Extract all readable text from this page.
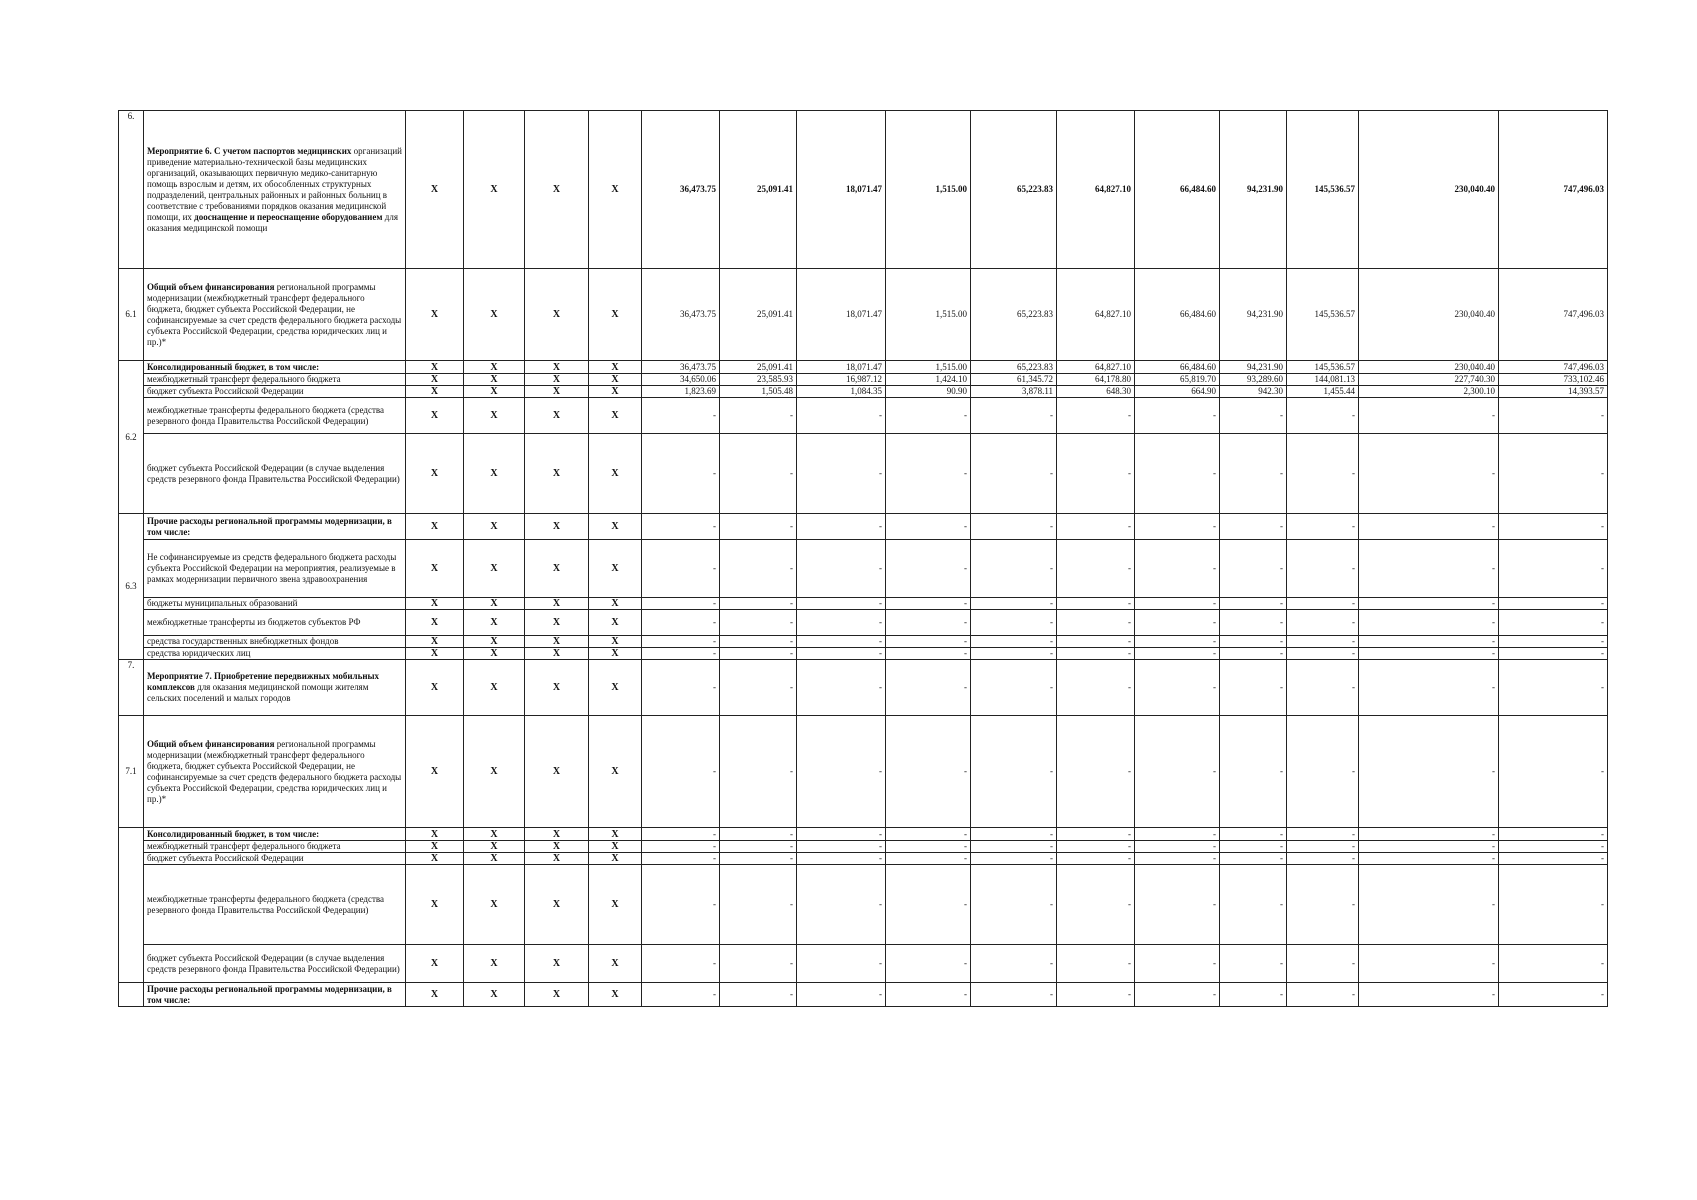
6.	Мероприятие 6. С учетом паспортов медицинских организаций приведение материально-технической базы медицинских организаций, оказывающих первичную медико-санитарную помощь взрослым и детям, их обособленных структурных подразделений, центральных районных и районных больниц в соответствие с требованиями порядков оказания медицинской помощи, их дооснащение и переоснащение оборудованием для оказания медицинской помощи	X	X	X	X	36,473.75	25,091.41	18,071.47	1,515.00	65,223.83	64,827.10	66,484.60	94,231.90	145,536.57	230,040.40	747,496.03
6.1	Общий объем финансирования региональной программы модернизации (межбюджетный трансферт федерального бюджета, бюджет субъекта Российской Федерации, не софинансируемые за счет средств федерального бюджета расходы субъекта Российской Федерации, средства юридических лиц и пр.)*	X	X	X	X	36,473.75	25,091.41	18,071.47	1,515.00	65,223.83	64,827.10	66,484.60	94,231.90	145,536.57	230,040.40	747,496.03
6.2	Консолидированный бюджет, в том числе:	X	X	X	X	36,473.75	25,091.41	18,071.47	1,515.00	65,223.83	64,827.10	66,484.60	94,231.90	145,536.57	230,040.40	747,496.03
	межбюджетный трансферт федерального бюджета	X	X	X	X	34,650.06	23,585.93	16,987.12	1,424.10	61,345.72	64,178.80	65,819.70	93,289.60	144,081.13	227,740.30	733,102.46
	бюджет субъекта Российской Федерации	X	X	X	X	1,823.69	1,505.48	1,084.35	90.90	3,878.11	648.30	664.90	942.30	1,455.44	2,300.10	14,393.57
	межбюджетные трансферты федерального бюджета (средства резервного фонда Правительства Российской Федерации)	X	X	X	X	-	-	-	-	-	-	-	-	-	-	-
	бюджет субъекта Российской Федерации (в случае выделения средств резервного фонда Правительства Российской Федерации)	X	X	X	X	-	-	-	-	-	-	-	-	-	-	-
6.3	Прочие расходы региональной программы модернизации, в том числе:	X	X	X	X	-	-	-	-	-	-	-	-	-	-	-
	Не софинансируемые из средств федерального бюджета расходы субъекта Российской Федерации на мероприятия, реализуемые в рамках модернизации первичного звена здравоохранения	X	X	X	X	-	-	-	-	-	-	-	-	-	-	-
	бюджеты муниципальных образований	X	X	X	X	-	-	-	-	-	-	-	-	-	-	-
	межбюджетные трансферты из бюджетов субъектов РФ	X	X	X	X	-	-	-	-	-	-	-	-	-	-	-
	средства государственных внебюджетных фондов	X	X	X	X	-	-	-	-	-	-	-	-	-	-	-
	средства юридических лиц	X	X	X	X	-	-	-	-	-	-	-	-	-	-	-
7.	Мероприятие 7. Приобретение передвижных мобильных комплексов для оказания медицинской помощи жителям сельских поселений и малых городов	X	X	X	X	-	-	-	-	-	-	-	-	-	-	-
7.1	Общий объем финансирования региональной программы модернизации (межбюджетный трансферт федерального бюджета, бюджет субъекта Российской Федерации, не софинансируемые за счет средств федерального бюджета расходы субъекта Российской Федерации, средства юридических лиц и пр.)*	X	X	X	X	-	-	-	-	-	-	-	-	-	-	-
	Консолидированный бюджет, в том числе:	X	X	X	X	-	-	-	-	-	-	-	-	-	-	-
	межбюджетный трансферт федерального бюджета	X	X	X	X	-	-	-	-	-	-	-	-	-	-	-
	бюджет субъекта Российской Федерации	X	X	X	X	-	-	-	-	-	-	-	-	-	-	-
	межбюджетные трансферты федерального бюджета (средства резервного фонда Правительства Российской Федерации)	X	X	X	X	-	-	-	-	-	-	-	-	-	-	-
	бюджет субъекта Российской Федерации (в случае выделения средств резервного фонда Правительства Российской Федерации)	X	X	X	X	-	-	-	-	-	-	-	-	-	-	-
	Прочие расходы региональной программы модернизации, в том числе:	X	X	X	X	-	-	-	-	-	-	-	-	-	-	-
